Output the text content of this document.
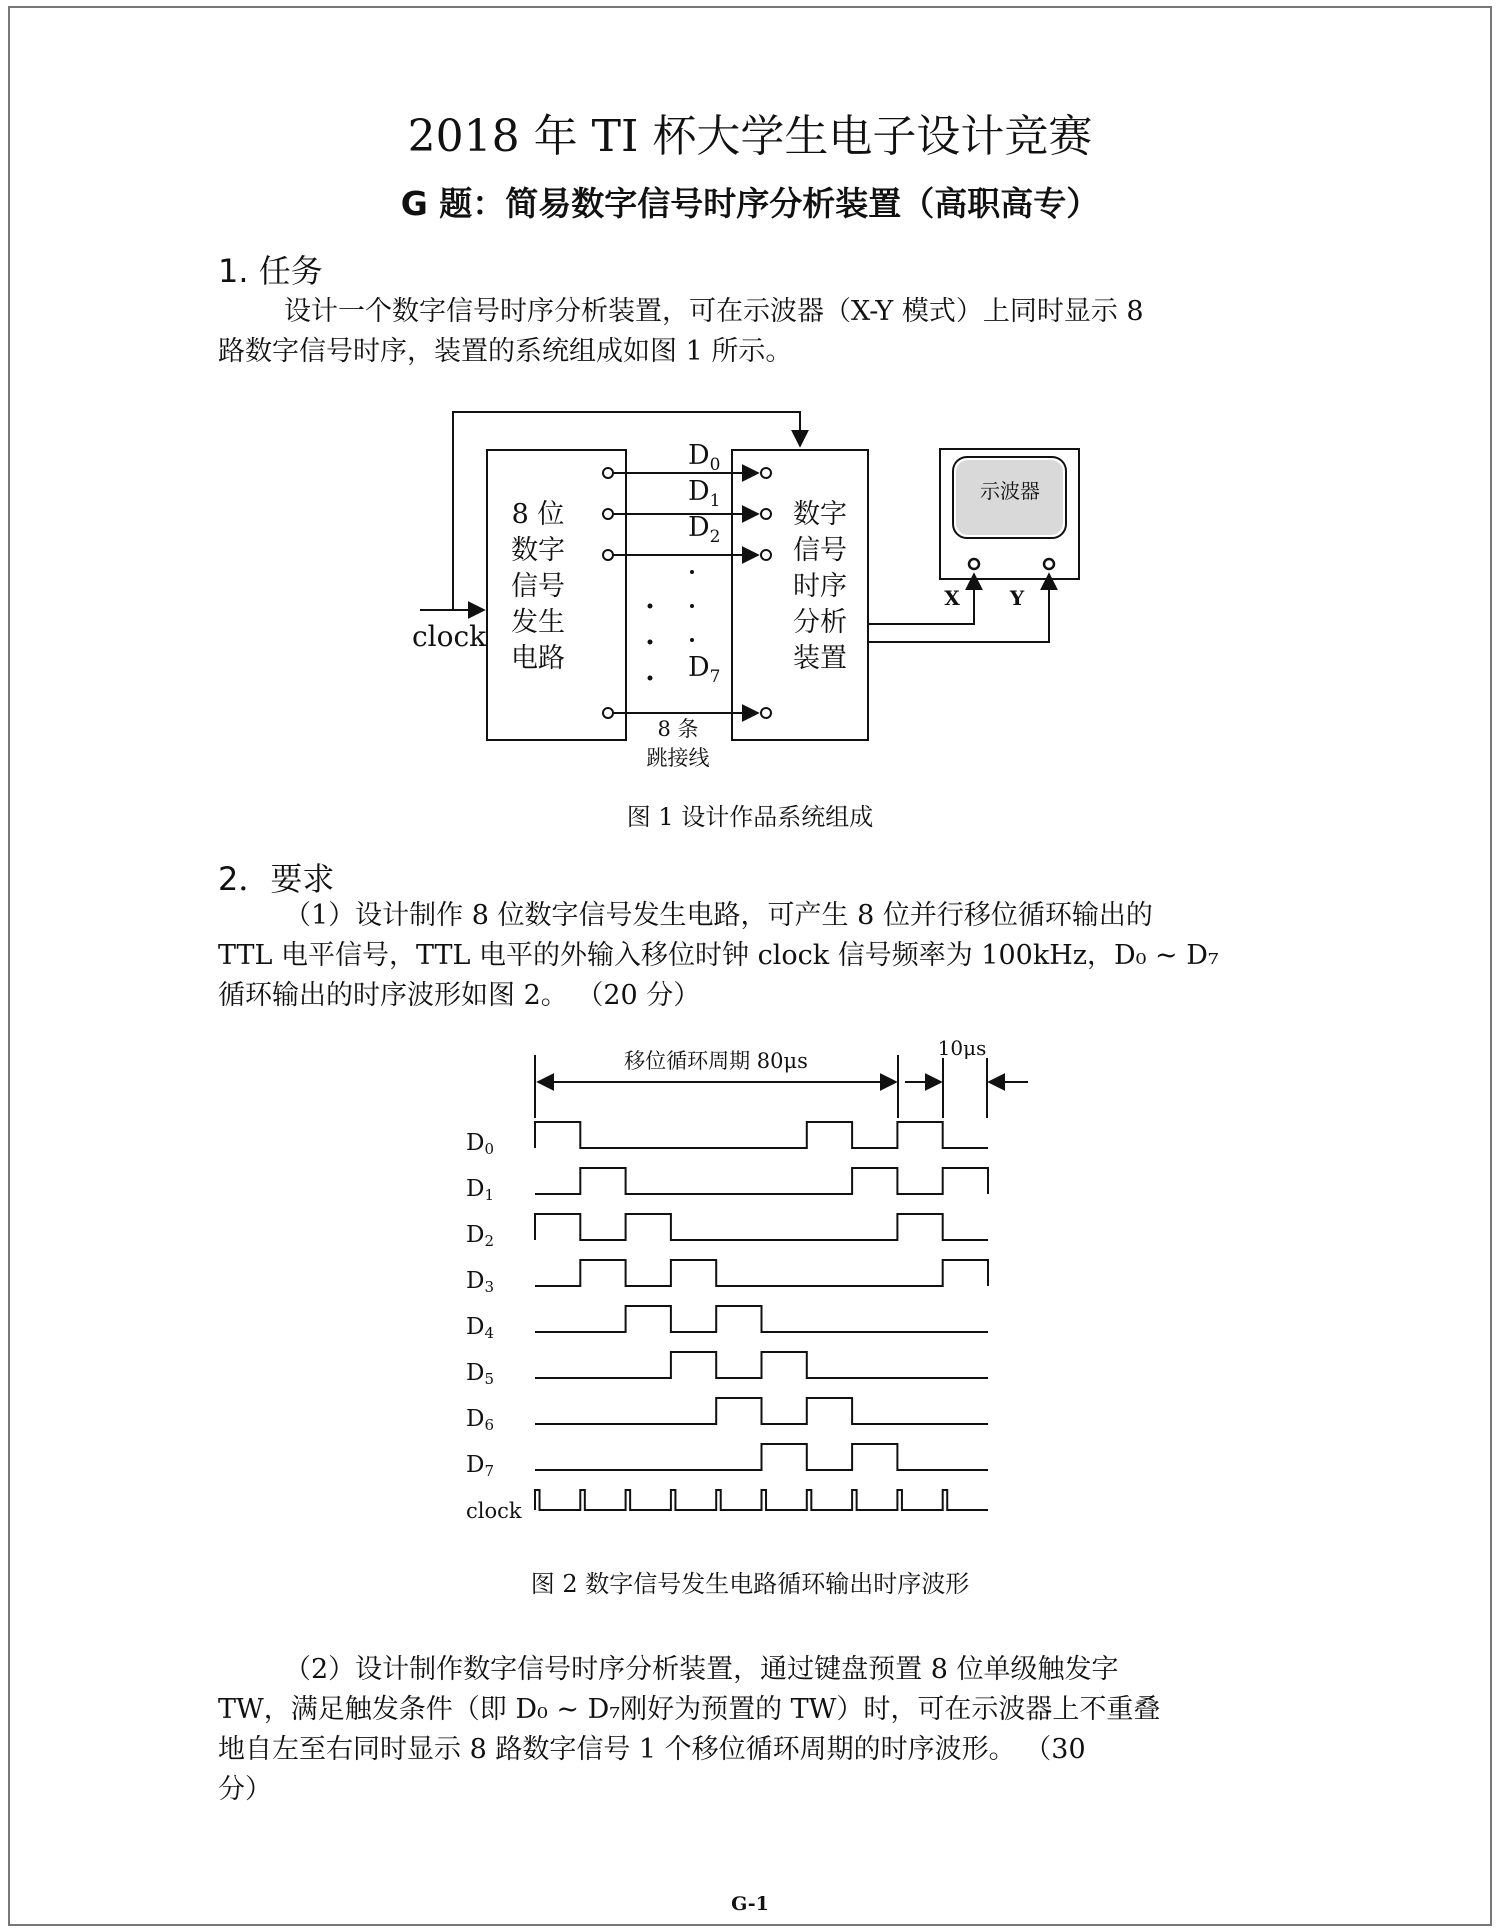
2018 年 TI 杯大学生电子设计竞赛
G 题：简易数字信号时序分析装置（高职高专）
1. 任务
设计一个数字信号时序分析装置，可在示波器（X-Y 模式）上同时显示 8
路数字信号时序，装置的系统组成如图 1 所示。
8 位
数字
信号
发生
电路
数字
信号
时序
分析
装置
clock
$D_0$
$D_1$
$D_2$
$D_7$
8 条
跳接线
示波器
X	Y
图 1 设计作品系统组成
2．要求
（1）设计制作 8 位数字信号发生电路，可产生 8 位并行移位循环输出的
TTL 电平信号，TTL 电平的外输入移位时钟 clock 信号频率为 100kHz，D₀ ~ D₇
循环输出的时序波形如图 2。 （20 分）
移位循环周期 80μs
10μs
D0
D1
D2
D3
D4
D5
D6
D7
clock
图 2 数字信号发生电路循环输出时序波形
（2）设计制作数字信号时序分析装置，通过键盘预置 8 位单级触发字
TW，满足触发条件（即 D₀ ~ D₇刚好为预置的 TW）时，可在示波器上不重叠
地自左至右同时显示 8 路数字信号 1 个移位循环周期的时序波形。 （30
分）
G-1
